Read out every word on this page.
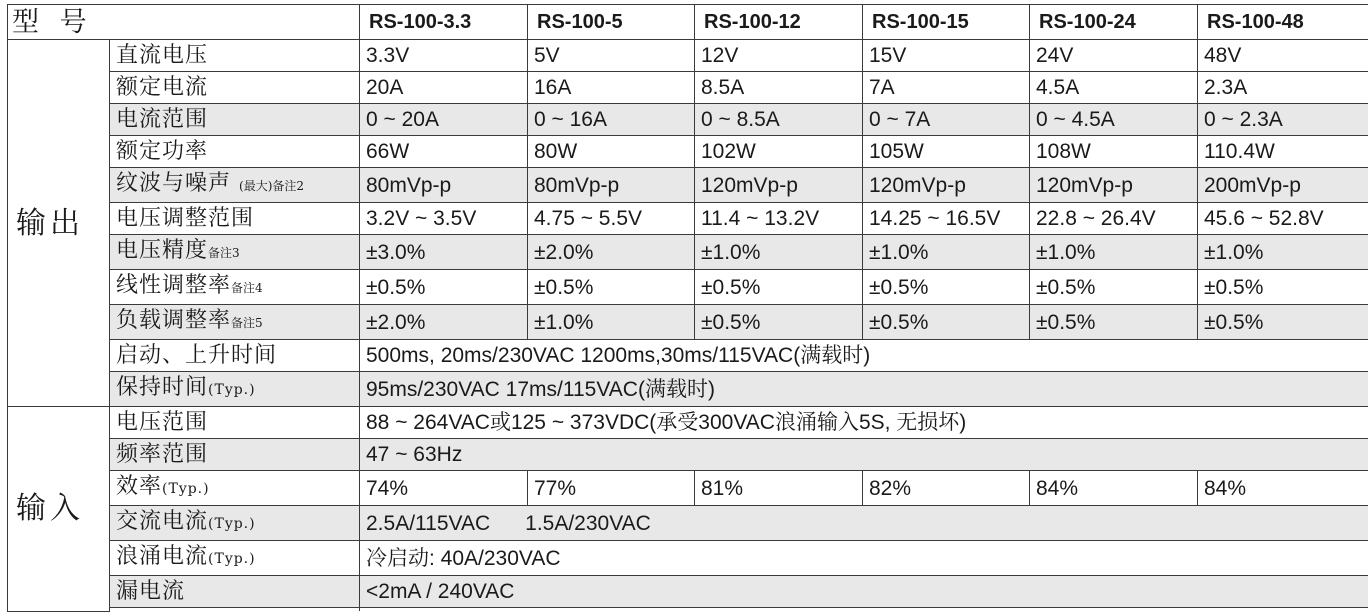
型 号		RS-100-3.3	RS-100-5	RS-100-12	RS-100-15	RS-100-24	RS-100-48
输出	直流电压	3.3V	5V	12V	15V	24V	48V
	额定电流	20A	16A	8.5A	7A	4.5A	2.3A
	电流范围	0 ~ 20A	0 ~ 16A	0 ~ 8.5A	0 ~ 7A	0 ~ 4.5A	0 ~ 2.3A
	额定功率	66W	80W	102W	105W	108W	110.4W
	纹波与噪声 (最大)备注2	80mVp-p	80mVp-p	120mVp-p	120mVp-p	120mVp-p	200mVp-p
	电压调整范围	3.2V ~ 3.5V	4.75 ~ 5.5V	11.4 ~ 13.2V	14.25 ~ 16.5V	22.8 ~ 26.4V	45.6 ~ 52.8V
	电压精度备注3	±3.0%	±2.0%	±1.0%	±1.0%	±1.0%	±1.0%
	线性调整率备注4	±0.5%	±0.5%	±0.5%	±0.5%	±0.5%	±0.5%
	负载调整率备注5	±2.0%	±1.0%	±0.5%	±0.5%	±0.5%	±0.5%
	启动、上升时间	500ms, 20ms/230VAC 1200ms,30ms/115VAC(满载时)					
	保持时间(Typ.)	95ms/230VAC 17ms/115VAC(满载时)					
输入	电压范围	88 ~ 264VAC或125 ~ 373VDC(承受300VAC浪涌输入5S, 无损坏)					
	频率范围	47 ~ 63Hz					
	效率(Typ.)	74%	77%	81%	82%	84%	84%
	交流电流(Typ.)	2.5A/115VAC      1.5A/230VAC					
	浪涌电流(Typ.)	冷启动: 40A/230VAC					
	漏电流	<2mA / 240VAC					
